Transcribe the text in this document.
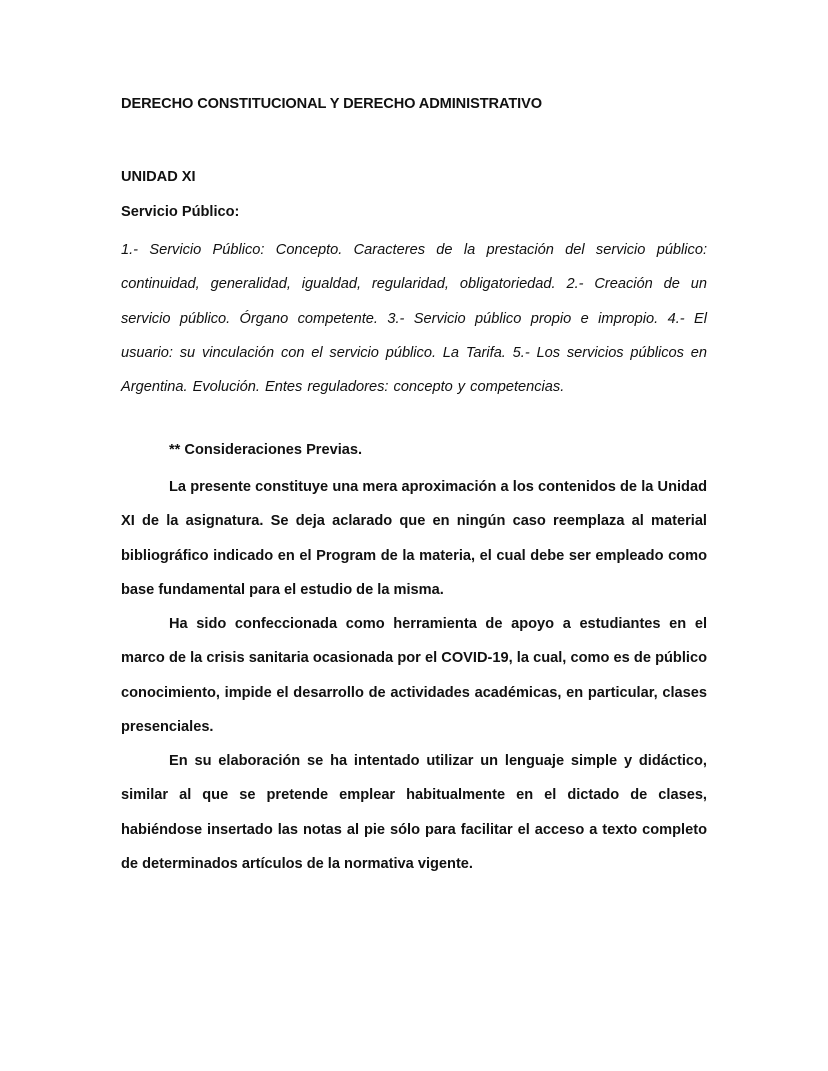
DERECHO CONSTITUCIONAL Y DERECHO ADMINISTRATIVO
UNIDAD XI
Servicio Público:

1.- Servicio Público: Concepto. Caracteres de la prestación del servicio público: continuidad, generalidad, igualdad, regularidad, obligatoriedad. 2.- Creación de un servicio público. Órgano competente. 3.- Servicio público propio e impropio. 4.- El usuario: su vinculación con el servicio público. La Tarifa. 5.- Los servicios públicos en Argentina. Evolución. Entes reguladores: concepto y competencias.

** Consideraciones Previas.

La presente constituye una mera aproximación a los contenidos de la Unidad XI de la asignatura. Se deja aclarado que en ningún caso reemplaza al material bibliográfico indicado en el Program de la materia, el cual debe ser empleado como base fundamental para el estudio de la misma.

Ha sido confeccionada como herramienta de apoyo a estudiantes en el marco de la crisis sanitaria ocasionada por el COVID-19, la cual, como es de público conocimiento, impide el desarrollo de actividades académicas, en particular, clases presenciales.

En su elaboración se ha intentado utilizar un lenguaje simple y didáctico, similar al que se pretende emplear habitualmente en el dictado de clases, habiéndose insertado las notas al pie sólo para facilitar el acceso a texto completo de determinados artículos de la normativa vigente.
